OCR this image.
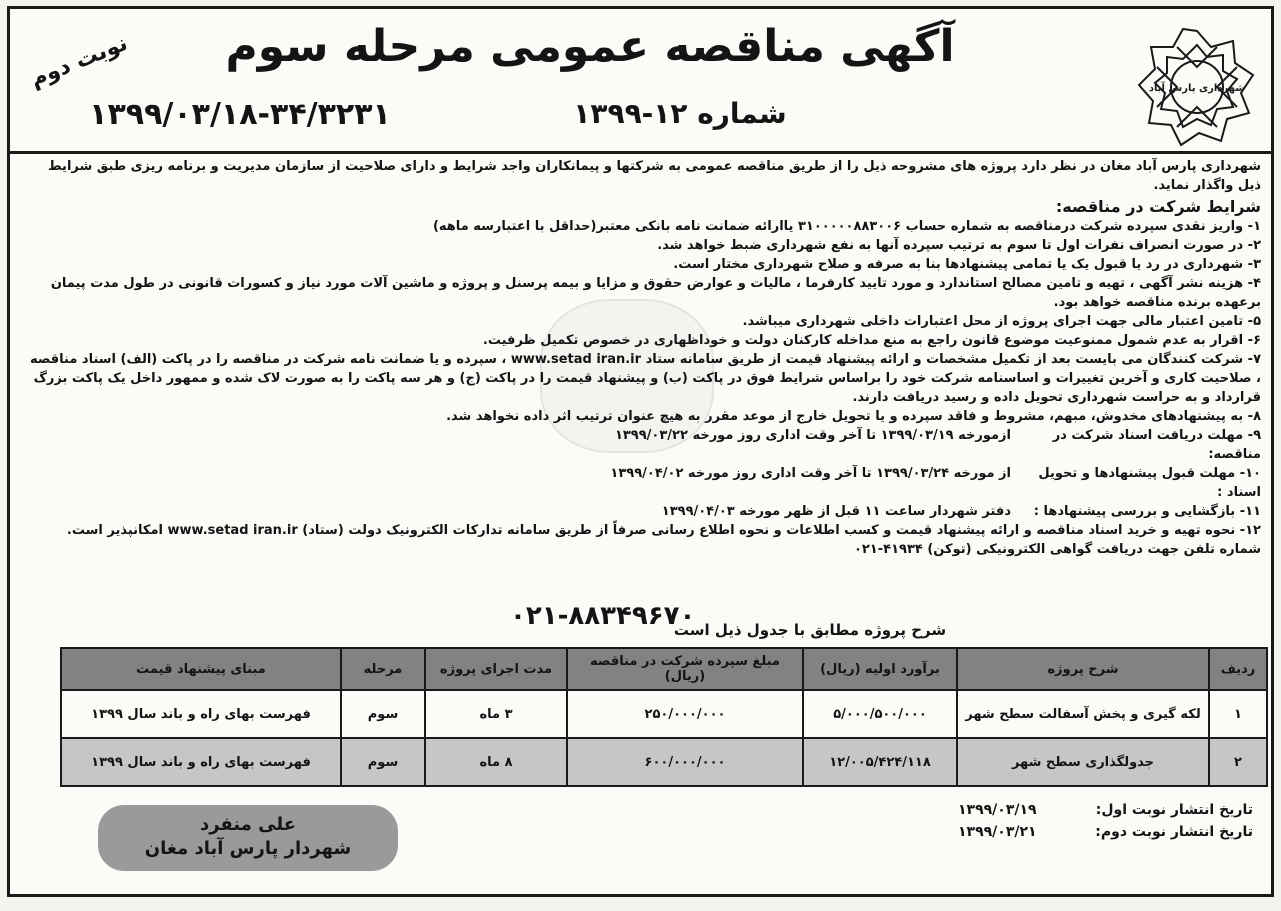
شهرداری پارس آباد
آگهی مناقصه عمومی مرحله سوم
شماره ۱۲-۱۳۹۹
۱۳۹۹/۰۳/۱۸-۳۴/۳۲۳۱
نوبت دوم

شهرداری پارس آباد مغان در نظر دارد پروژه های مشروحه ذیل را از طریق مناقصه عمومی به شرکتها و پیمانکاران واجد شرایط و دارای صلاحیت از سازمان مدیریت و برنامه ریزی طبق شرایط ذیل واگذار نماید.

شرایط شرکت در مناقصه:

۱- واریز نقدی سپرده شرکت درمناقصه به شماره حساب ۳۱۰۰۰۰۰۸۸۳۰۰۶ یاارائه ضمانت نامه بانکی معتبر(حداقل با اعتبارسه ماهه)

۲- در صورت انصراف نفرات اول تا سوم به ترتیب سپرده آنها به نفع شهرداری ضبط خواهد شد.

۳- شهرداری در رد یا قبول یک یا تمامی پیشنهادها بنا به صرفه و صلاح شهرداری مختار است.

۴- هزینه نشر آگهی ، تهیه و تامین مصالح استاندارد و مورد تایید کارفرما ، مالیات و عوارض حقوق و مزایا و بیمه پرسنل و پروژه و ماشین آلات مورد نیاز و کسورات قانونی در طول مدت پیمان برعهده برنده مناقصه خواهد بود.

۵- تامین اعتبار مالی جهت اجرای پروژه از محل اعتبارات داخلی شهرداری میباشد.

۶- اقرار به عدم شمول ممنوعیت موضوع قانون راجع به منع مداخله کارکنان دولت و خوداظهاری در خصوص تکمیل ظرفیت.

۷- شرکت کنندگان می بایست بعد از تکمیل مشخصات و ارائه پیشنهاد قیمت از طریق سامانه ستاد www.setad iran.ir ، سپرده و یا ضمانت نامه شرکت در مناقصه را در پاکت (الف) اسناد مناقصه ، صلاحیت کاری و آخرین تغییرات و اساسنامه شرکت خود را براساس شرایط فوق در پاکت (ب) و پیشنهاد قیمت را در پاکت (ج) و هر سه پاکت را به صورت لاک شده و ممهور داخل یک پاکت بزرگ قرارداد و به حراست شهرداری تحویل داده و رسید دریافت دارند.

۸- به پیشنهادهای مخدوش، مبهم، مشروط و فاقد سپرده و یا تحویل خارج از موعد مقرر به هیچ عنوان ترتیب اثر داده نخواهد شد.

۹- مهلت دریافت اسناد شرکت در مناقصه:
ازمورخه ۱۳۹۹/۰۳/۱۹ تا آخر وقت اداری روز مورخه ۱۳۹۹/۰۳/۲۲
۱۰- مهلت قبول پیشنهادها و تحویل اسناد :
از مورخه ۱۳۹۹/۰۳/۲۴ تا آخر وقت اداری روز مورخه ۱۳۹۹/۰۴/۰۲
۱۱- بازگشایی و بررسی پیشنهادها :
دفتر شهردار ساعت ۱۱ قبل از ظهر مورخه ۱۳۹۹/۰۴/۰۳

۱۲- نحوه تهیه و خرید اسناد مناقصه و ارائه پیشنهاد قیمت و کسب اطلاعات و نحوه اطلاع رسانی صرفاً از طریق سامانه تدارکات الکترونیک دولت (ستاد) www.setad iran.ir امکانپذیر است. شماره تلفن جهت دریافت گواهی الکترونیکی (توکن) ۴۱۹۳۴-۰۲۱

۰۲۱-۸۸۳۴۹۶۷۰
شرح پروژه مطابق با جدول ذیل است
ردیف	شرح پروژه	برآورد اولیه (ریال)	مبلغ سپرده شرکت در مناقصه (ریال)	مدت اجرای پروژه	مرحله	مبنای پیشنهاد قیمت
۱	لکه گیری و پخش آسفالت سطح شهر	۵/۰۰۰/۵۰۰/۰۰۰	۲۵۰/۰۰۰/۰۰۰	۳ ماه	سوم	فهرست بهای راه و باند سال ۱۳۹۹
۲	جدولگذاری سطح شهر	۱۲/۰۰۵/۴۲۴/۱۱۸	۶۰۰/۰۰۰/۰۰۰	۸ ماه	سوم	فهرست بهای راه و باند سال ۱۳۹۹
تاریخ انتشار نوبت اول:
۱۳۹۹/۰۳/۱۹
تاریخ انتشار نوبت دوم:
۱۳۹۹/۰۳/۲۱
علی منفرد
شهردار پارس آباد مغان
